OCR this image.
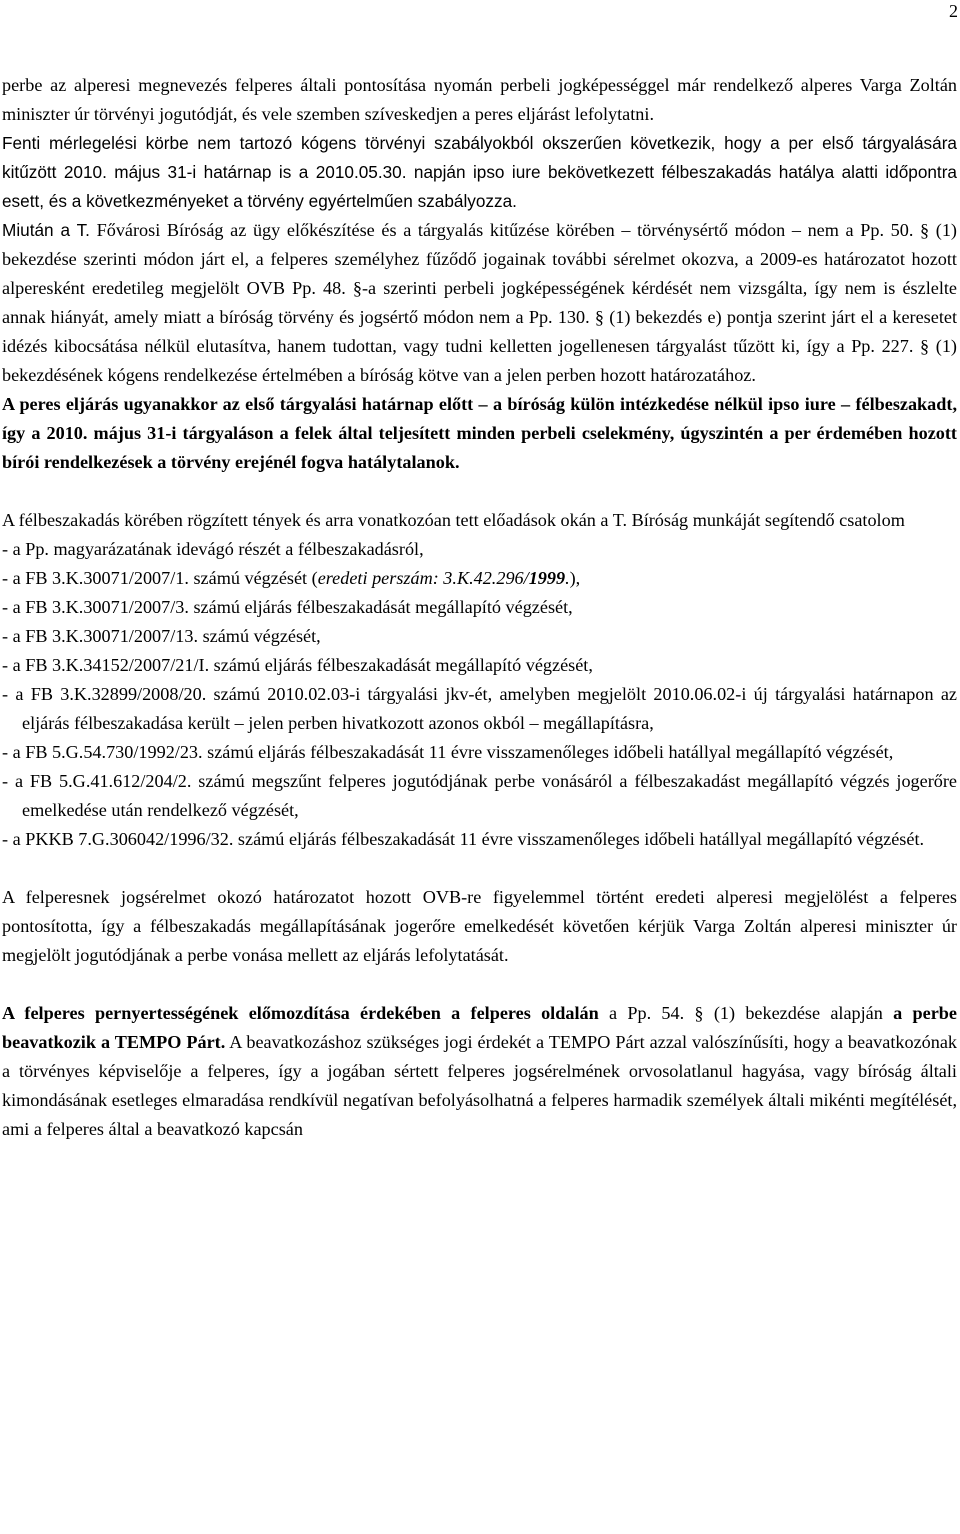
2

perbe az alperesi megnevezés felperes általi pontosítása nyomán perbeli jogképességgel már rendelkező alperes Varga Zoltán miniszter úr törvényi jogutódját, és vele szemben szíveskedjen a peres eljárást lefolytatni.

Fenti mérlegelési körbe nem tartozó kógens törvényi szabályokból okszerűen következik, hogy a per első tárgyalására kitűzött 2010. május 31-i határnap is a 2010.05.30. napján ipso iure bekövetkezett félbeszakadás hatálya alatti időpontra esett, és a következményeket a törvény egyértelműen szabályozza.

Miután a T. Fővárosi Bíróság az ügy előkészítése és a tárgyalás kitűzése körében – törvénysértő módon – nem a Pp. 50. § (1) bekezdése szerinti módon járt el, a felperes személyhez fűződő jogainak további sérelmet okozva, a 2009-es határozatot hozott alperesként eredetileg megjelölt OVB Pp. 48. §-a szerinti perbeli jogképességének kérdését nem vizsgálta, így nem is észlelte annak hiányát, amely miatt a bíróság törvény és jogsértő módon nem a Pp. 130. § (1) bekezdés e) pontja szerint járt el a keresetet idézés kibocsátása nélkül elutasítva, hanem tudottan, vagy tudni kelletten jogellenesen tárgyalást tűzött ki, így a Pp. 227. § (1) bekezdésének kógens rendelkezése értelmében a bíróság kötve van a jelen perben hozott határozatához.

A peres eljárás ugyanakkor az első tárgyalási határnap előtt – a bíróság külön intézkedése nélkül ipso iure – félbeszakadt, így a 2010. május 31-i tárgyaláson a felek által teljesített minden perbeli cselekmény, úgyszintén a per érdemében hozott bírói rendelkezések a törvény erejénél fogva hatálytalanok.

A félbeszakadás körében rögzített tények és arra vonatkozóan tett előadások okán a T. Bíróság munkáját segítendő csatolom

- a Pp. magyarázatának idevágó részét a félbeszakadásról,
- a FB 3.K.30071/2007/1. számú végzését (eredeti perszám: 3.K.42.296/1999.),
- a FB 3.K.30071/2007/3. számú eljárás félbeszakadását megállapító végzését,
- a FB 3.K.30071/2007/13. számú végzését,
- a FB 3.K.34152/2007/21/I. számú eljárás félbeszakadását megállapító végzését,
- a FB 3.K.32899/2008/20. számú 2010.02.03-i tárgyalási jkv-ét, amelyben megjelölt 2010.06.02-i új tárgyalási határnapon az eljárás félbeszakadása került – jelen perben hivatkozott azonos okból – megállapításra,
- a FB 5.G.54.730/1992/23. számú eljárás félbeszakadását 11 évre visszamenőleges időbeli hatállyal megállapító végzését,
- a FB 5.G.41.612/204/2. számú megszűnt felperes jogutódjának perbe vonásáról a félbeszakadást megállapító végzés jogerőre emelkedése után rendelkező végzését,
- a PKKB 7.G.306042/1996/32. számú eljárás félbeszakadását 11 évre visszamenőleges időbeli hatállyal megállapító végzését.

A felperesnek jogsérelmet okozó határozatot hozott OVB-re figyelemmel történt eredeti alperesi megjelölést a felperes pontosította, így a félbeszakadás megállapításának jogerőre emelkedését követően kérjük Varga Zoltán alperesi miniszter úr megjelölt jogutódjának a perbe vonása mellett az eljárás lefolytatását.

A felperes pernyertességének előmozdítása érdekében a felperes oldalán a Pp. 54. § (1) bekezdése alapján a perbe beavatkozik a TEMPO Párt. A beavatkozáshoz szükséges jogi érdekét a TEMPO Párt azzal valószínűsíti, hogy a beavatkozónak a törvényes képviselője a felperes, így a jogában sértett felperes jogsérelmének orvosolatlanul hagyása, vagy bíróság általi kimondásának esetleges elmaradása rendkívül negatívan befolyásolhatná a felperes harmadik személyek általi mikénti megítélését, ami a felperes által a beavatkozó kapcsán
